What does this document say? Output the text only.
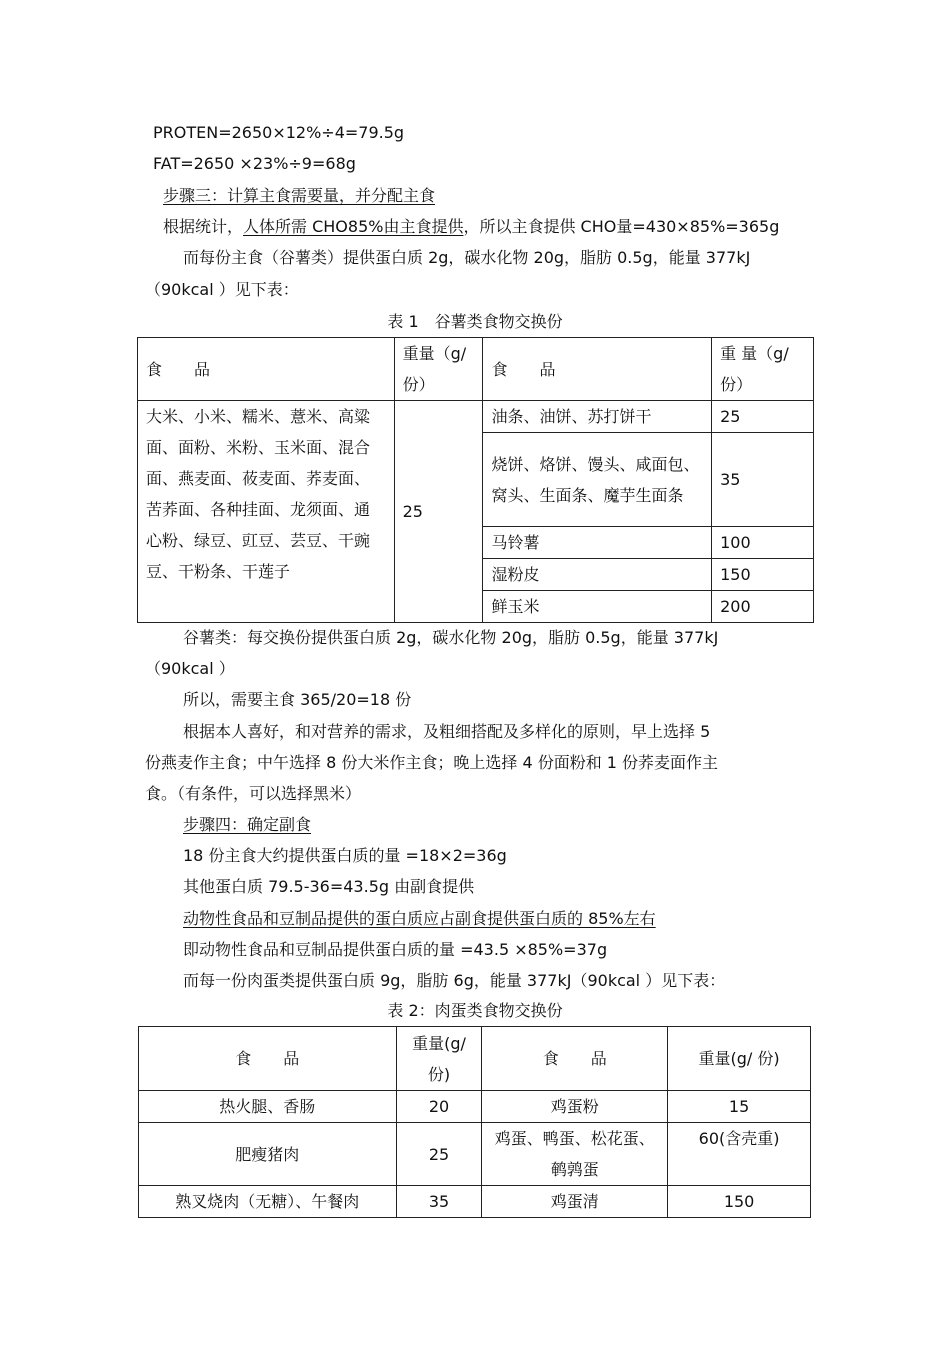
PROTEN=2650×12%÷4=79.5g
FAT=2650 ×23%÷9=68g
步骤三：计算主食需要量，并分配主食
根据统计，人体所需 CHO85%由主食提供，所以主食提供 CHO量=430×85%=365g
而每份主食（谷薯类）提供蛋白质 2g，碳水化物 20g，脂肪 0.5g，能量 377kJ
（90kcal ）见下表：
表 1　谷薯类食物交换份
食　　品	重量（g/份）	食　　品	重 量（g/份）
大米、小米、糯米、薏米、高粱面、面粉、米粉、玉米面、混合面、燕麦面、莜麦面、荞麦面、苦荞面、各种挂面、龙须面、通心粉、绿豆、豇豆、芸豆、干豌豆、干粉条、干莲子	25	油条、油饼、苏打饼干	25
		烧饼、烙饼、馒头、咸面包、窝头、生面条、魔芋生面条	35
		马铃薯	100
		湿粉皮	150
		鲜玉米	200
谷薯类：每交换份提供蛋白质 2g，碳水化物 20g，脂肪 0.5g，能量 377kJ
（90kcal ）
所以，需要主食 365/20=18 份
根据本人喜好，和对营养的需求，及粗细搭配及多样化的原则，早上选择 5
份燕麦作主食；中午选择 8 份大米作主食；晚上选择 4 份面粉和 1 份荞麦面作主
食。（有条件，可以选择黑米）
步骤四：确定副食
18 份主食大约提供蛋白质的量 =18×2=36g
其他蛋白质 79.5-36=43.5g 由副食提供
动物性食品和豆制品提供的蛋白质应占副食提供蛋白质的 85%左右
即动物性食品和豆制品提供蛋白质的量 =43.5 ×85%=37g
而每一份肉蛋类提供蛋白质 9g，脂肪 6g，能量 377kJ（90kcal ）见下表：
表 2：肉蛋类食物交换份
食　　品	重量(g/份)	食　　品	重量(g/ 份)
热火腿、香肠	20	鸡蛋粉	15
肥瘦猪肉	25	鸡蛋、鸭蛋、松花蛋、鹌鹑蛋	60(含壳重)
熟叉烧肉（无糖）、午餐肉	35	鸡蛋清	150
